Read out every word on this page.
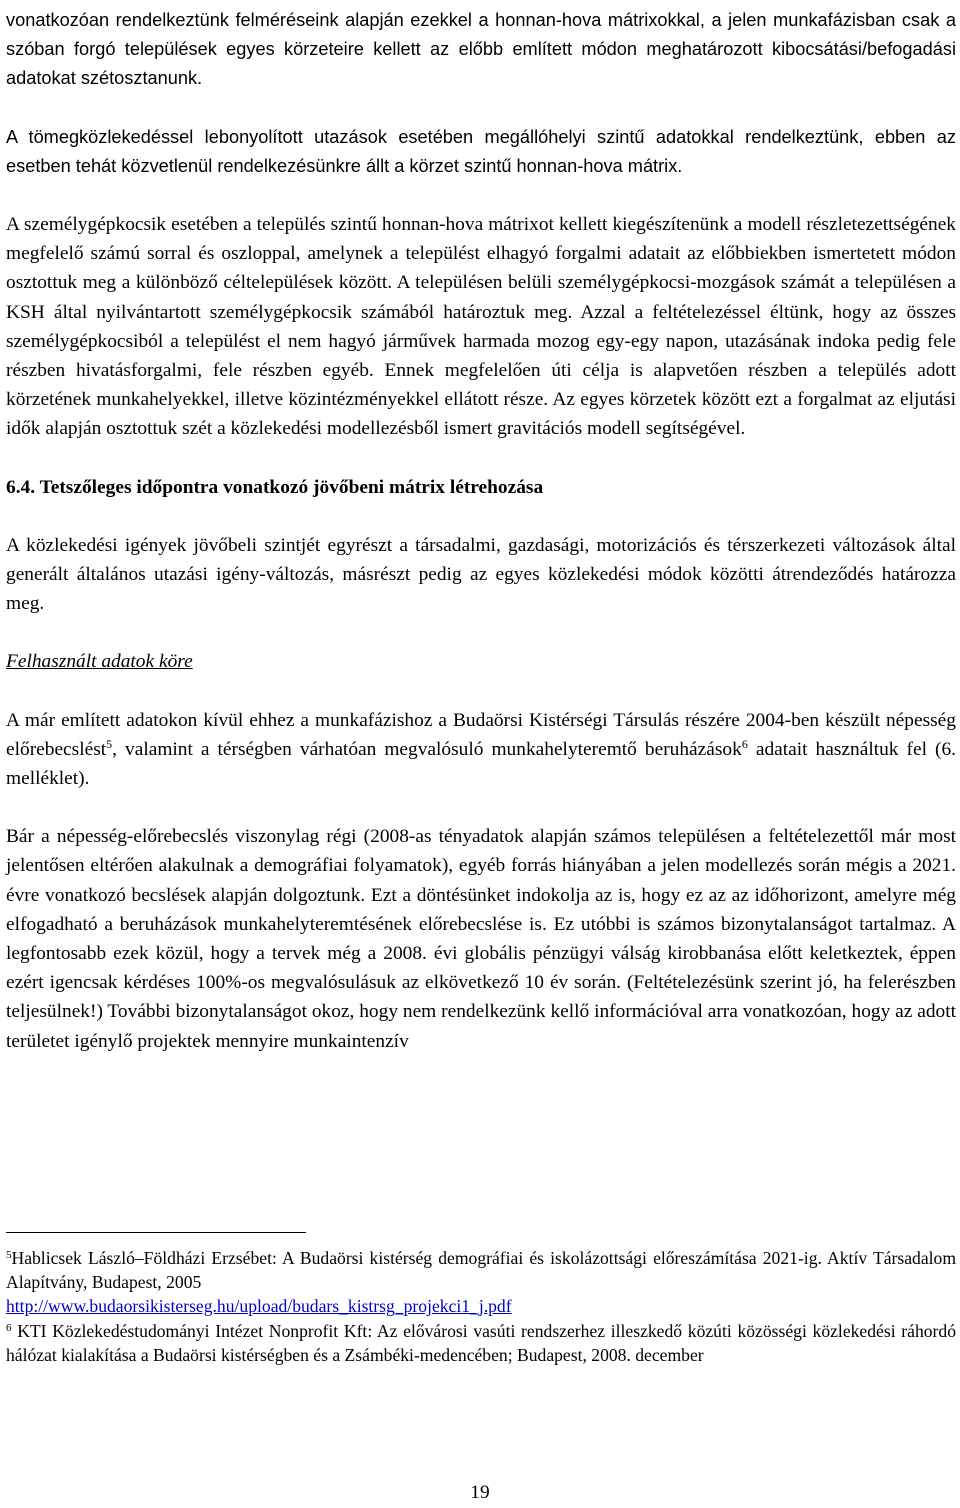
vonatkozóan rendelkeztünk felméréseink alapján ezekkel a honnan-hova mátrixokkal, a jelen munkafázisban csak a szóban forgó települések egyes körzeteire kellett az előbb említett módon meghatározott kibocsátási/befogadási adatokat szétosztanunk.

A tömegközlekedéssel lebonyolított utazások esetében megállóhelyi szintű adatokkal rendelkeztünk, ebben az esetben tehát közvetlenül rendelkezésünkre állt a körzet szintű honnan-hova mátrix.

A személygépkocsik esetében a település szintű honnan-hova mátrixot kellett kiegészítenünk a modell részletezettségének megfelelő számú sorral és oszloppal, amelynek a települést elhagyó forgalmi adatait az előbbiekben ismertetett módon osztottuk meg a különböző céltelepülések között. A településen belüli személygépkocsi-mozgások számát a településen a KSH által nyilvántartott személygépkocsik számából határoztuk meg. Azzal a feltételezéssel éltünk, hogy az összes személygépkocsiból a települést el nem hagyó járművek harmada mozog egy-egy napon, utazásának indoka pedig fele részben hivatásforgalmi, fele részben egyéb. Ennek megfelelően úti célja is alapvetően részben a település adott körzetének munkahelyekkel, illetve közintézményekkel ellátott része. Az egyes körzetek között ezt a forgalmat az eljutási idők alapján osztottuk szét a közlekedési modellezésből ismert gravitációs modell segítségével.

6.4. Tetszőleges időpontra vonatkozó jövőbeni mátrix létrehozása

A közlekedési igények jövőbeli szintjét egyrészt a társadalmi, gazdasági, motorizációs és térszerkezeti változások által generált általános utazási igény-változás, másrészt pedig az egyes közlekedési módok közötti átrendeződés határozza meg.

Felhasznált adatok köre

A már említett adatokon kívül ehhez a munkafázishoz a Budaörsi Kistérségi Társulás részére 2004-ben készült népesség előrebecslést$^5$, valamint a térségben várhatóan megvalósuló munkahelyteremtő beruházások$^6$ adatait használtuk fel (6. melléklet).

Bár a népesség-előrebecslés viszonylag régi (2008-as tényadatok alapján számos településen a feltételezettől már most jelentősen eltérően alakulnak a demográfiai folyamatok), egyéb forrás hiányában a jelen modellezés során mégis a 2021. évre vonatkozó becslések alapján dolgoztunk. Ezt a döntésünket indokolja az is, hogy ez az az időhorizont, amelyre még elfogadható a beruházások munkahelyteremtésének előrebecslése is. Ez utóbbi is számos bizonytalanságot tartalmaz. A legfontosabb ezek közül, hogy a tervek még a 2008. évi globális pénzügyi válság kirobbanása előtt keletkeztek, éppen ezért igencsak kérdéses 100%-os megvalósulásuk az elkövetkező 10 év során. (Feltételezésünk szerint jó, ha felerészben teljesülnek!) További bizonytalanságot okoz, hogy nem rendelkezünk kellő információval arra vonatkozóan, hogy az adott területet igénylő projektek mennyire munkaintenzív

$^5$Hablicsek László–Földházi Erzsébet: A Budaörsi kistérség demográfiai és iskolázottsági előreszámítása 2021-ig. Aktív Társadalom Alapítvány, Budapest, 2005
http://www.budaorsikisterseg.hu/upload/budars_kistrsg_projekci1_j.pdf

$^6$ KTI Közlekedéstudományi Intézet Nonprofit Kft: Az elővárosi vasúti rendszerhez illeszkedő közúti közösségi közlekedési ráhordó hálózat kialakítása a Budaörsi kistérségben és a Zsámbéki-medencében; Budapest, 2008. december

19
